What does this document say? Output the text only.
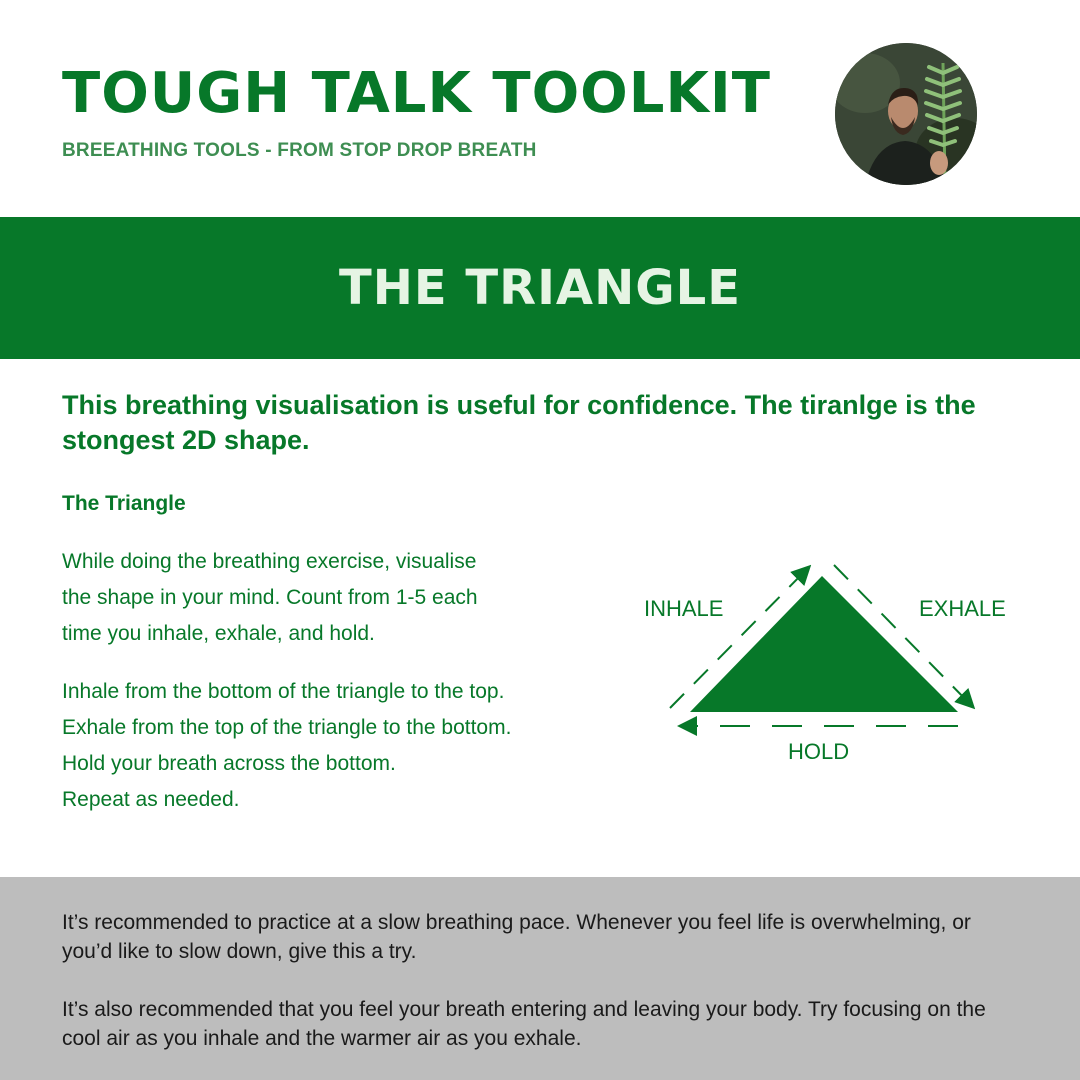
TOUGH TALK TOOLKIT

BREEATHING TOOLS - FROM STOP DROP BREATH

THE TRIANGLE

This breathing visualisation is useful for confidence. The tiranlge is the stongest 2D shape.

The Triangle

While doing the breathing exercise, visualise
the shape in your mind. Count from 1-5 each
time you inhale, exhale, and hold.

Inhale from the bottom of the triangle to the top.
Exhale from the top of the triangle to the bottom.
Hold your breath across the bottom.
Repeat as needed.

INHALE	EXHALE

HOLD

It’s recommended to practice at a slow breathing pace. Whenever you feel life is overwhelming, or you’d like to slow down, give this a try.

It’s also recommended that you feel your breath entering and leaving your body. Try focusing on the cool air as you inhale and the warmer air as you exhale.
